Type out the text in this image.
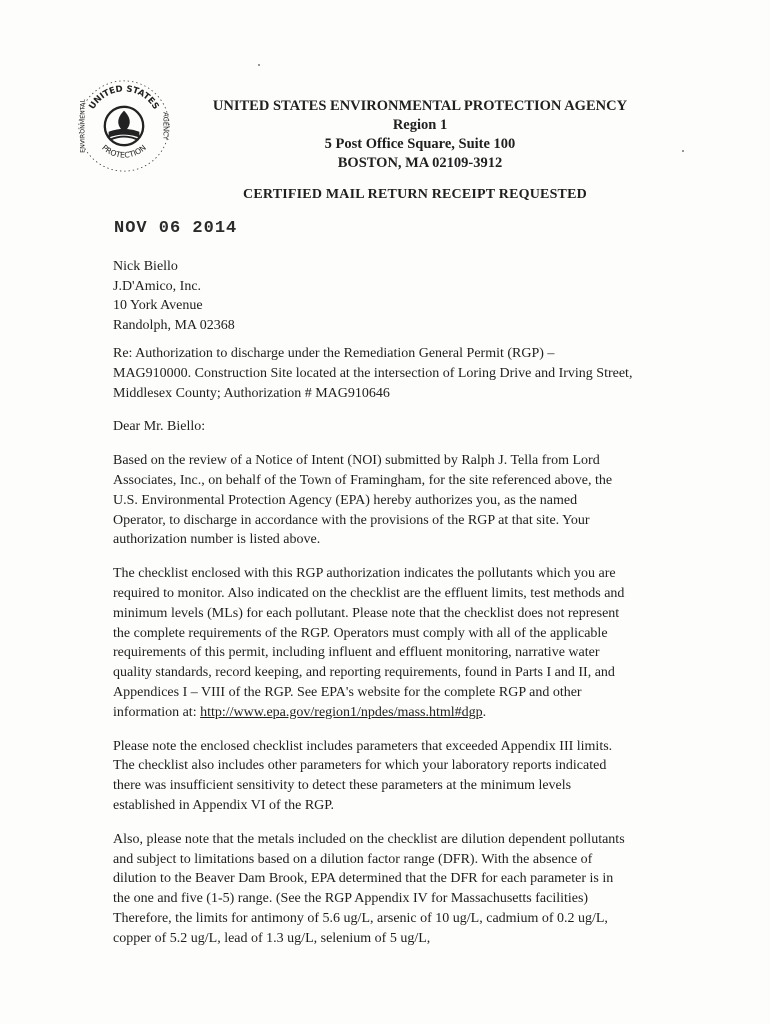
UNITED STATES
PROTECTION
ENVIRONMENTAL	AGENCY
UNITED STATES ENVIRONMENTAL PROTECTION AGENCY
Region 1
5 Post Office Square, Suite 100
BOSTON, MA 02109-3912
CERTIFIED MAIL RETURN RECEIPT REQUESTED
NOV 06 2014
Nick Biello
J.D'Amico, Inc.
10 York Avenue
Randolph, MA 02368

Re: Authorization to discharge under the Remediation General Permit (RGP) – MAG910000. Construction Site located at the intersection of Loring Drive and Irving Street, Middlesex County; Authorization # MAG910646

Dear Mr. Biello:

Based on the review of a Notice of Intent (NOI) submitted by Ralph J. Tella from Lord Associates, Inc., on behalf of the Town of Framingham, for the site referenced above, the U.S. Environmental Protection Agency (EPA) hereby authorizes you, as the named Operator, to discharge in accordance with the provisions of the RGP at that site. Your authorization number is listed above.

The checklist enclosed with this RGP authorization indicates the pollutants which you are required to monitor. Also indicated on the checklist are the effluent limits, test methods and minimum levels (MLs) for each pollutant. Please note that the checklist does not represent the complete requirements of the RGP. Operators must comply with all of the applicable requirements of this permit, including influent and effluent monitoring, narrative water quality standards, record keeping, and reporting requirements, found in Parts I and II, and Appendices I – VIII of the RGP. See EPA's website for the complete RGP and other information at: http://www.epa.gov/region1/npdes/mass.html#dgp.

Please note the enclosed checklist includes parameters that exceeded Appendix III limits. The checklist also includes other parameters for which your laboratory reports indicated there was insufficient sensitivity to detect these parameters at the minimum levels established in Appendix VI of the RGP.

Also, please note that the metals included on the checklist are dilution dependent pollutants and subject to limitations based on a dilution factor range (DFR). With the absence of dilution to the Beaver Dam Brook, EPA determined that the DFR for each parameter is in the one and five (1-5) range. (See the RGP Appendix IV for Massachusetts facilities) Therefore, the limits for antimony of 5.6 ug/L, arsenic of 10 ug/L, cadmium of 0.2 ug/L, copper of 5.2 ug/L, lead of 1.3 ug/L, selenium of 5 ug/L,
